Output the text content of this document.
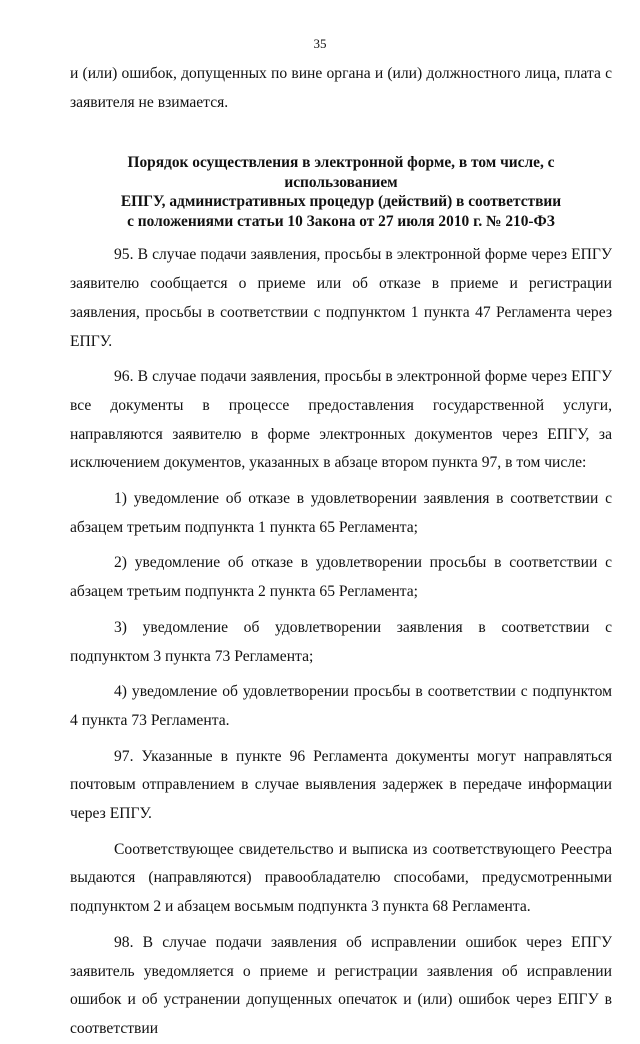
35

и (или) ошибок, допущенных по вине органа и (или) должностного лица, плата с заявителя не взимается.

Порядок осуществления в электронной форме, в том числе, с использованием
ЕПГУ, административных процедур (действий) в соответствии
с положениями статьи 10 Закона от 27 июля 2010 г. № 210-ФЗ

95. В случае подачи заявления, просьбы в электронной форме через ЕПГУ заявителю сообщается о приеме или об отказе в приеме и регистрации заявления, просьбы в соответствии с подпунктом 1 пункта 47 Регламента через ЕПГУ.

96. В случае подачи заявления, просьбы в электронной форме через ЕПГУ все документы в процессе предоставления государственной услуги, направляются заявителю в форме электронных документов через ЕПГУ, за исключением документов, указанных в абзаце втором пункта 97, в том числе:

1) уведомление об отказе в удовлетворении заявления в соответствии с абзацем третьим подпункта 1 пункта 65 Регламента;

2) уведомление об отказе в удовлетворении просьбы в соответствии с абзацем третьим подпункта 2 пункта 65 Регламента;

3) уведомление об удовлетворении заявления в соответствии с подпунктом 3 пункта 73 Регламента;

4) уведомление об удовлетворении просьбы в соответствии с подпунктом 4 пункта 73 Регламента.

97. Указанные в пункте 96 Регламента документы могут направляться почтовым отправлением в случае выявления задержек в передаче информации через ЕПГУ.

Соответствующее свидетельство и выписка из соответствующего Реестра выдаются (направляются) правообладателю способами, предусмотренными подпунктом 2 и абзацем восьмым подпункта 3 пункта 68 Регламента.

98. В случае подачи заявления об исправлении ошибок через ЕПГУ заявитель уведомляется о приеме и регистрации заявления об исправлении ошибок и об устранении допущенных опечаток и (или) ошибок через ЕПГУ в соответствии
